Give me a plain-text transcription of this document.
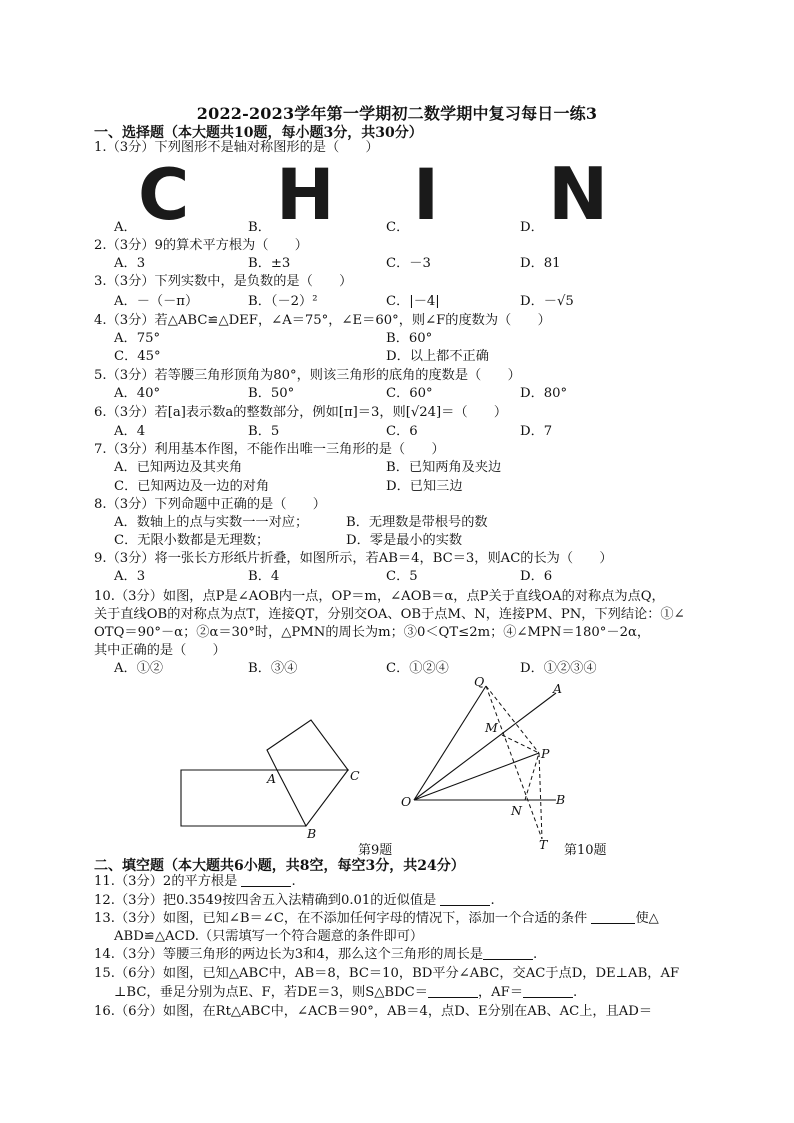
2022-2023学年第一学期初二数学期中复习每日一练3
一、选择题（本大题共10题，每小题3分，共30分）
1.（3分）下列图形不是轴对称图形的是（　　）
C H I N
A．	B．	C．	D．
2.（3分）9的算术平方根为（　　）
A．3	B．±3	C．－3	D．81
3.（3分）下列实数中，是负数的是（　　）
A．－（－π）	B．（－2）²	C．|－4|	D．－√5
4.（3分）若△ABC≌△DEF，∠A＝75°，∠E＝60°，则∠F的度数为（　　）
A．75°	B．60°
C．45°	D．以上都不正确
5.（3分）若等腰三角形顶角为80°，则该三角形的底角的度数是（　　）
A．40°	B．50°	C．60°	D．80°
6.（3分）若[a]表示数a的整数部分，例如[π]＝3，则[√24]＝（　　）
A．4	B．5	C．6	D．7
7.（3分）利用基本作图，不能作出唯一三角形的是（　　）
A．已知两边及其夹角	B．已知两角及夹边
C．已知两边及一边的对角	D．已知三边
8.（3分）下列命题中正确的是（　　）
A．数轴上的点与实数一一对应；	B．无理数是带根号的数
C．无限小数都是无理数；	D．零是最小的实数
9.（3分）将一张长方形纸片折叠，如图所示，若AB＝4，BC＝3，则AC的长为（　　）
A．3	B．4	C．5	D．6
10.（3分）如图，点P是∠AOB内一点，OP＝m，∠AOB＝α，点P关于直线OA的对称点为点Q，
关于直线OB的对称点为点T，连接QT，分别交OA、OB于点M、N，连接PM、PN，下列结论：①∠
OTQ＝90°－α；②α＝30°时，△PMN的周长为m；③0＜QT≤2m；④∠MPN＝180°－2α，
其中正确的是（　　）
A．①②	B．③④	C．①②④	D．①②③④
A
B
C
Q	A
M
P
O
N
B
T
第9题	第10题
二、填空题（本大题共6小题，共8空，每空3分，共24分）
11.（3分）2的平方根是	.
12.（3分）把0.3549按四舍五入法精确到0.01的近似值是	.
13.（3分）如图，已知∠B＝∠C，在不添加任何字母的情况下，添加一个合适的条件	使△
ABD≌△ACD.（只需填写一个符合题意的条件即可）
14.（3分）等腰三角形的两边长为3和4，那么这个三角形的周长是	.
15.（6分）如图，已知△ABC中，AB＝8，BC＝10，BD平分∠ABC，交AC于点D，DE⊥AB，AF
⊥BC，垂足分别为点E、F，若DE＝3，则S△BDC＝	，AF＝	.
16.（6分）如图，在Rt△ABC中，∠ACB＝90°，AB＝4，点D、E分别在AB、AC上，且AD＝
